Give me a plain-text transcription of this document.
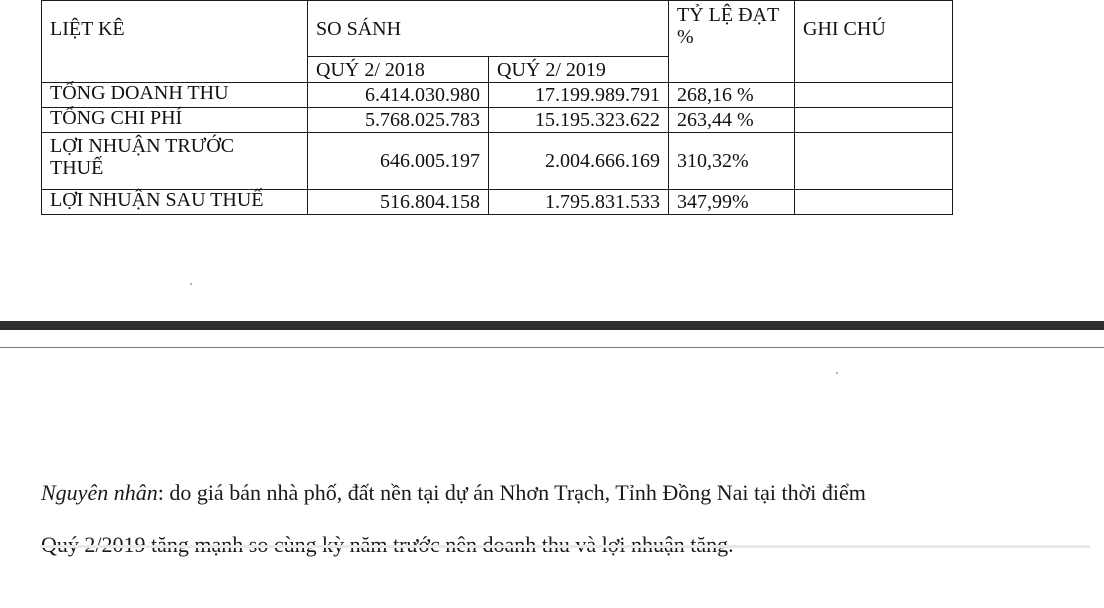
LIỆT KÊ	SO SÁNH		TỶ LỆ ĐẠT %	GHI CHÚ
	QUÝ 2/ 2018	QUÝ 2/ 2019		
TỔNG DOANH THU	6.414.030.980	17.199.989.791	268,16 %	
TỔNG CHI PHÍ	5.768.025.783	15.195.323.622	263,44 %	
LỢI NHUẬN TRƯỚC
THUẾ	646.005.197	2.004.666.169	310,32%	
LỢI NHUẬN SAU THUẾ	516.804.158	1.795.831.533	347,99%	
Nguyên nhân: do giá bán nhà phố, đất nền tại dự án Nhơn Trạch, Tỉnh Đồng Nai tại thời điểm
